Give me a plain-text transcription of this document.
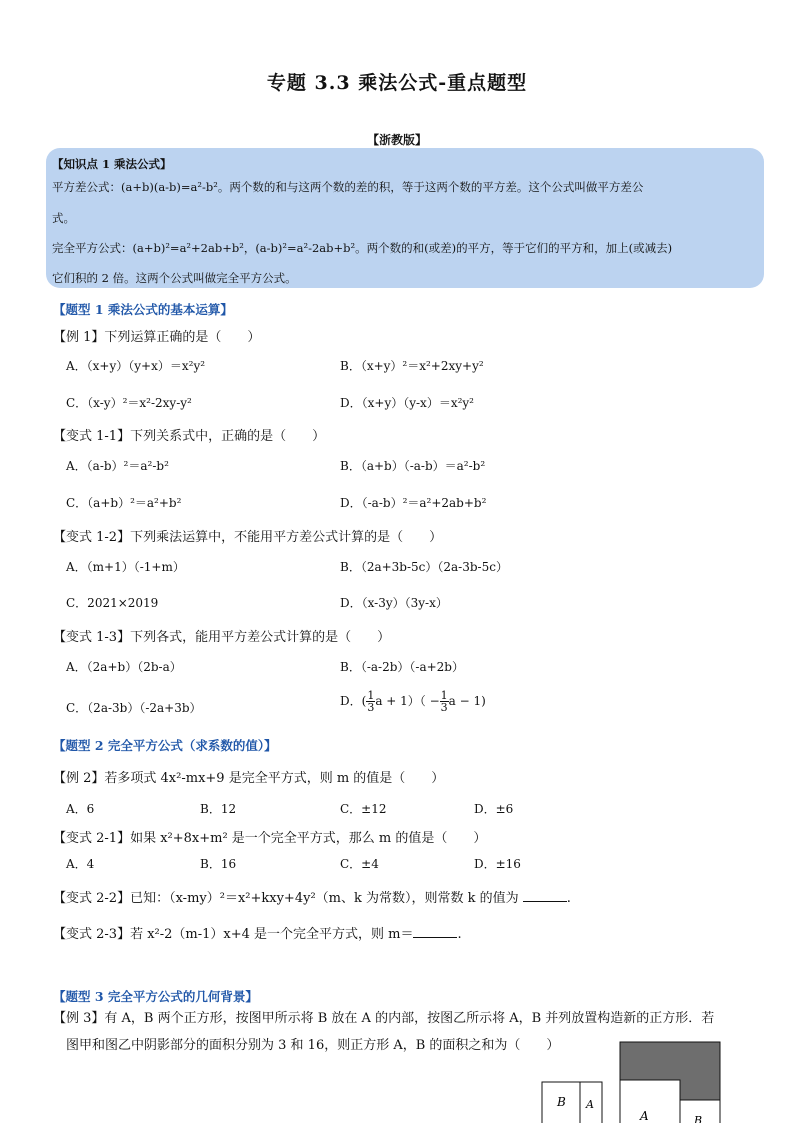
专题 3.3 乘法公式-重点题型
【浙教版】
【知识点 1 乘法公式】
平方差公式：(a+b)(a-b)=a²-b²。两个数的和与这两个数的差的积，等于这两个数的平方差。这个公式叫做平方差公
式。
完全平方公式：(a+b)²=a²+2ab+b²，(a-b)²=a²-2ab+b²。两个数的和(或差)的平方，等于它们的平方和，加上(或减去)
它们积的 2 倍。这两个公式叫做完全平方公式。
【题型 1 乘法公式的基本运算】
【例 1】下列运算正确的是（　　）
A．（x+y）（y+x）＝x²y²	B．（x+y）²＝x²+2xy+y²
C．（x-y）²＝x²-2xy-y²	D．（x+y）（y-x）＝x²y²
【变式 1-1】下列关系式中，正确的是（　　）
A．（a-b）²＝a²-b²	B．（a+b）（-a-b）＝a²-b²
C．（a+b）²＝a²+b²	D．（-a-b）²＝a²+2ab+b²
【变式 1-2】下列乘法运算中，不能用平方差公式计算的是（　　）
A．（m+1）（-1+m）	B．（2a+3b-5c）（2a-3b-5c）
C．2021×2019	D．（x-3y）（3y-x）
【变式 1-3】下列各式，能用平方差公式计算的是（　　）
A．（2a+b）（2b-a）	B．（-a-2b）（-a+2b）
C．（2a-3b）（-2a+3b）	D．( $\frac{1}{3}$ $a + 1)( - \frac{1}{3}$ a − 1)
【题型 2 完全平方公式（求系数的值）】
【例 2】若多项式 4x²-mx+9 是完全平方式，则 m 的值是（　　）
A．6	B．12	C．±12	D．±6
【变式 2-1】如果 x²+8x+m² 是一个完全平方式，那么 m 的值是（　　）
A．4	B．16	C．±4	D．±16
【变式 2-2】已知：（x-my）²＝x²+kxy+4y²（m、k 为常数），则常数 k 的值为	.
【变式 2-3】若 x²-2（m-1）x+4 是一个完全平方式，则 m＝	.
【题型 3 完全平方公式的几何背景】
【例 3】有 A，B 两个正方形，按图甲所示将 B 放在 A 的内部，按图乙所示将 A，B 并列放置构造新的正方形．若
图甲和图乙中阴影部分的面积分别为 3 和 16，则正方形 A，B 的面积之和为（　　）
B A
A	B
